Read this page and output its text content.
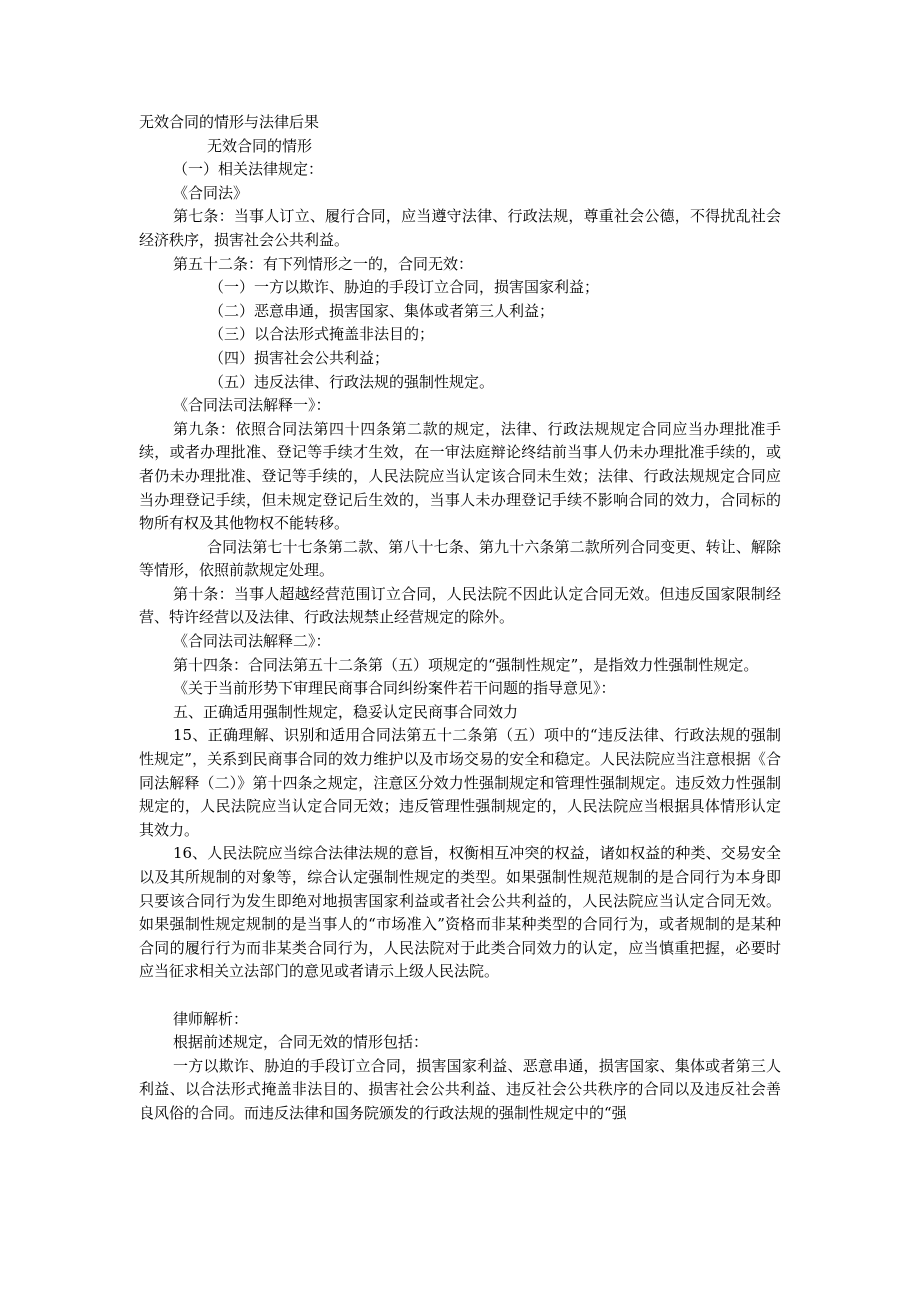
无效合同的情形与法律后果

无效合同的情形

（一）相关法律规定：

《合同法》

第七条：当事人订立、履行合同，应当遵守法律、行政法规，尊重社会公德，不得扰乱社会经济秩序，损害社会公共利益。

第五十二条：有下列情形之一的，合同无效：

（一）一方以欺诈、胁迫的手段订立合同，损害国家利益；

（二）恶意串通，损害国家、集体或者第三人利益；

（三）以合法形式掩盖非法目的；

（四）损害社会公共利益；

（五）违反法律、行政法规的强制性规定。

《合同法司法解释一》：

第九条：依照合同法第四十四条第二款的规定，法律、行政法规规定合同应当办理批准手续，或者办理批准、登记等手续才生效，在一审法庭辩论终结前当事人仍未办理批准手续的，或者仍未办理批准、登记等手续的，人民法院应当认定该合同未生效；法律、行政法规规定合同应当办理登记手续，但未规定登记后生效的，当事人未办理登记手续不影响合同的效力，合同标的物所有权及其他物权不能转移。

合同法第七十七条第二款、第八十七条、第九十六条第二款所列合同变更、转让、解除等情形，依照前款规定处理。

第十条：当事人超越经营范围订立合同，人民法院不因此认定合同无效。但违反国家限制经营、特许经营以及法律、行政法规禁止经营规定的除外。

《合同法司法解释二》：

第十四条：合同法第五十二条第（五）项规定的“强制性规定”，是指效力性强制性规定。

《关于当前形势下审理民商事合同纠纷案件若干问题的指导意见》：

五、正确适用强制性规定，稳妥认定民商事合同效力

15、正确理解、识别和适用合同法第五十二条第（五）项中的“违反法律、行政法规的强制性规定”，关系到民商事合同的效力维护以及市场交易的安全和稳定。人民法院应当注意根据《合同法解释（二）》第十四条之规定，注意区分效力性强制规定和管理性强制规定。违反效力性强制规定的，人民法院应当认定合同无效；违反管理性强制规定的，人民法院应当根据具体情形认定其效力。

16、人民法院应当综合法律法规的意旨，权衡相互冲突的权益，诸如权益的种类、交易安全以及其所规制的对象等，综合认定强制性规定的类型。如果强制性规范规制的是合同行为本身即只要该合同行为发生即绝对地损害国家利益或者社会公共利益的，人民法院应当认定合同无效。如果强制性规定规制的是当事人的“市场准入”资格而非某种类型的合同行为，或者规制的是某种合同的履行行为而非某类合同行为，人民法院对于此类合同效力的认定，应当慎重把握，必要时应当征求相关立法部门的意见或者请示上级人民法院。

律师解析：

根据前述规定，合同无效的情形包括：

一方以欺诈、胁迫的手段订立合同，损害国家利益、恶意串通，损害国家、集体或者第三人利益、以合法形式掩盖非法目的、损害社会公共利益、违反社会公共秩序的合同以及违反社会善良风俗的合同。而违反法律和国务院颁发的行政法规的强制性规定中的“强
